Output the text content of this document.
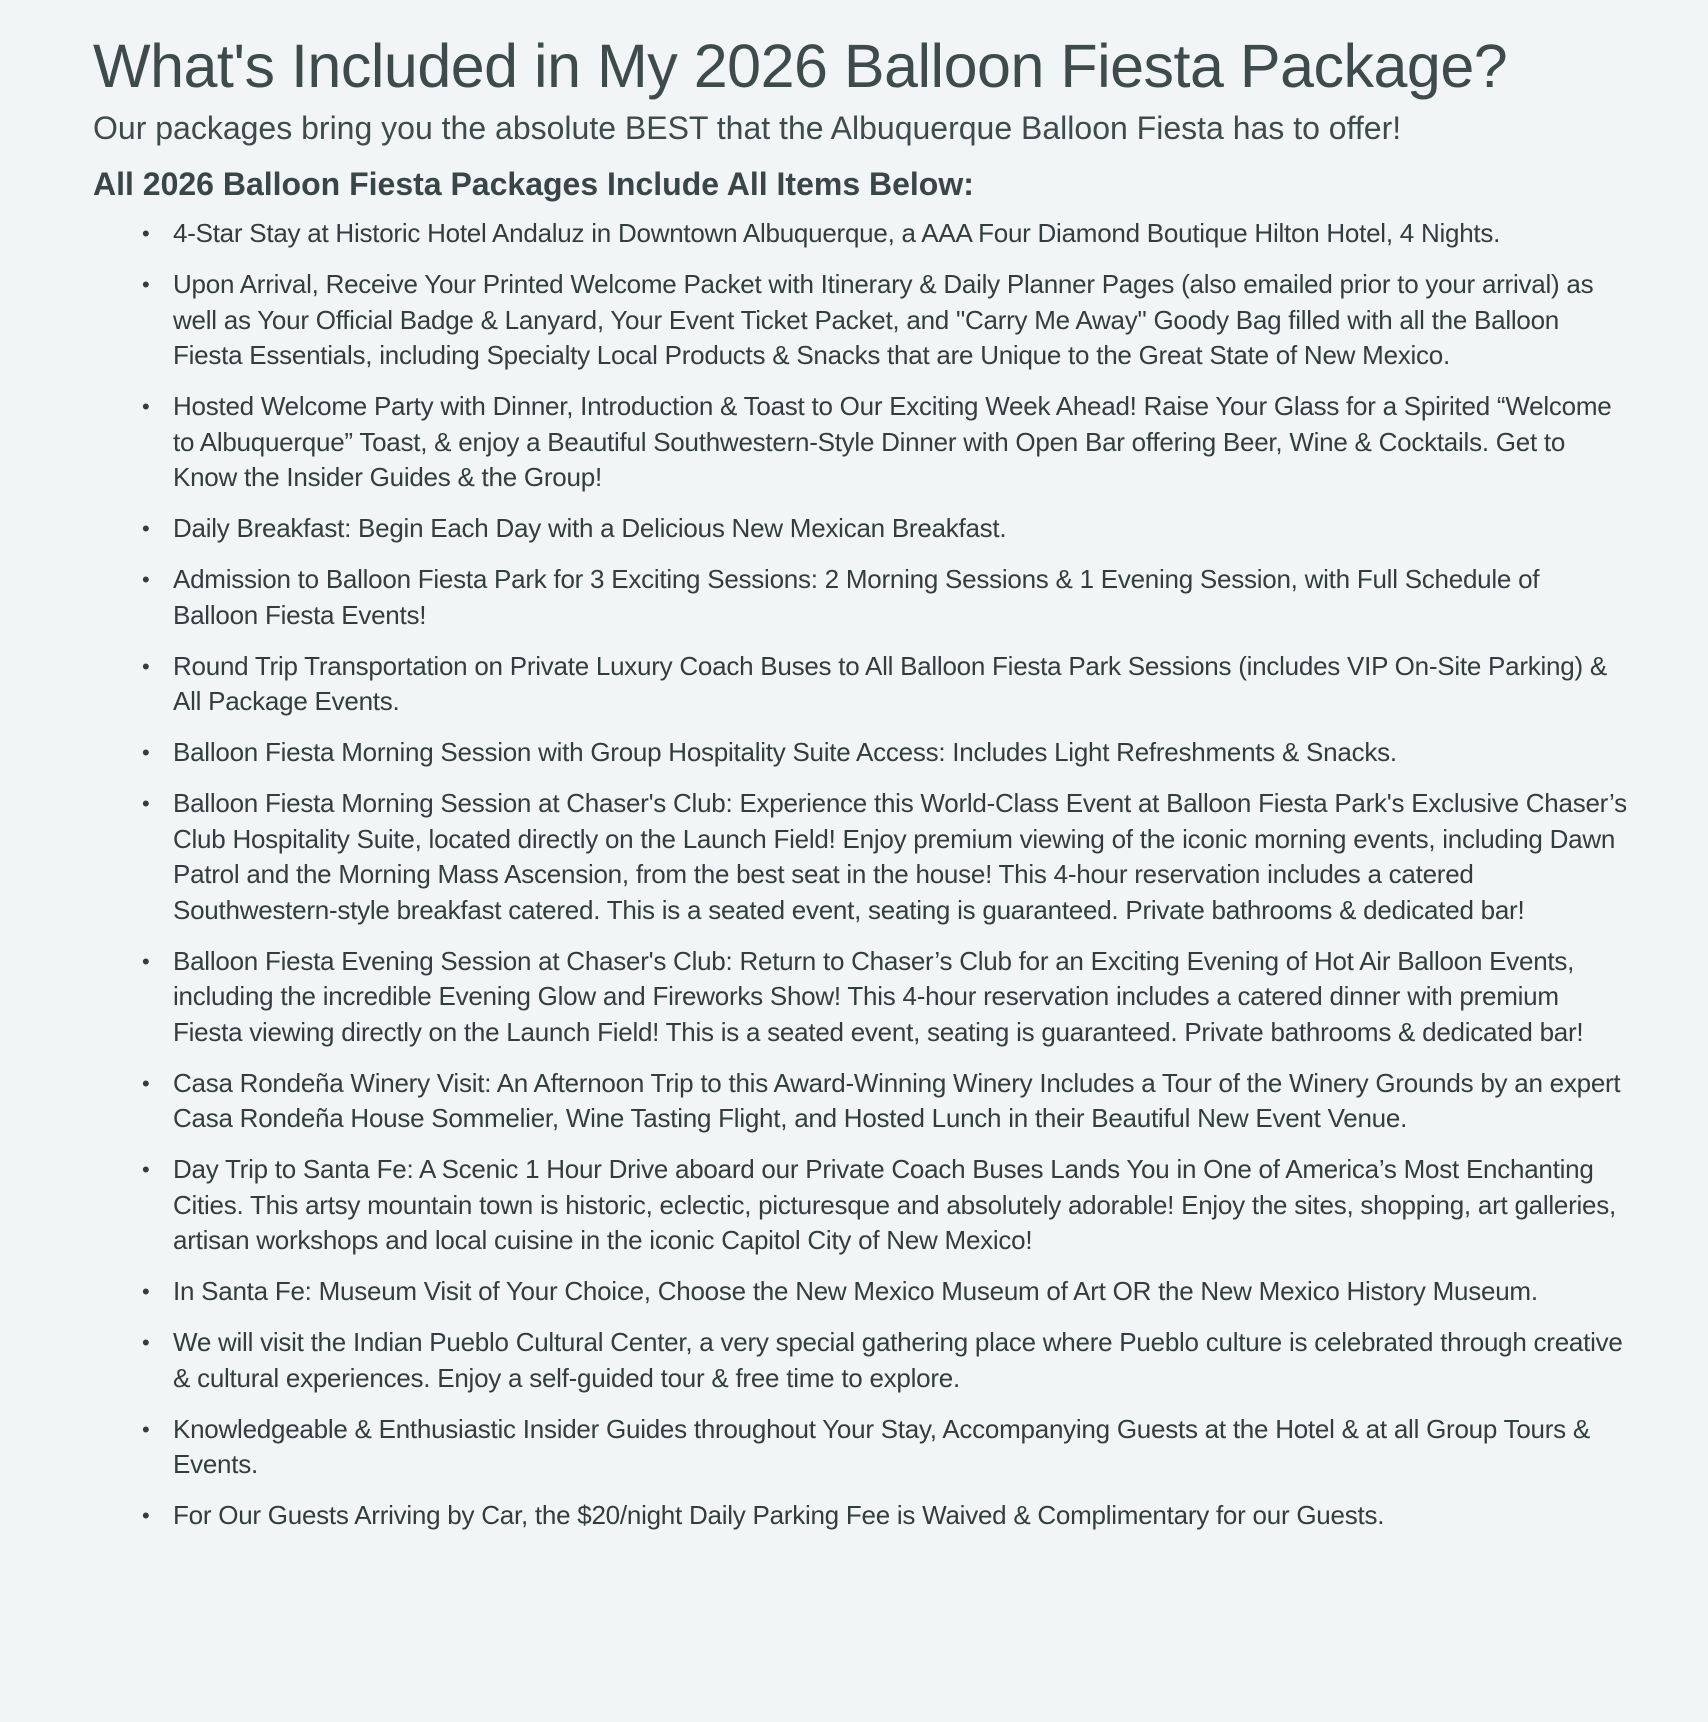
What's Included in My 2026 Balloon Fiesta Package?

Our packages bring you the absolute BEST that the Albuquerque Balloon Fiesta has to offer!

All 2026 Balloon Fiesta Packages Include All Items Below:
• 4-Star Stay at Historic Hotel Andaluz in Downtown Albuquerque, a AAA Four Diamond Boutique Hilton Hotel, 4 Nights.
• Upon Arrival, Receive Your Printed Welcome Packet with Itinerary & Daily Planner Pages (also emailed prior to your arrival) as well as Your Official Badge & Lanyard, Your Event Ticket Packet, and "Carry Me Away" Goody Bag filled with all the Balloon Fiesta Essentials, including Specialty Local Products & Snacks that are Unique to the Great State of New Mexico.
• Hosted Welcome Party with Dinner, Introduction & Toast to Our Exciting Week Ahead! Raise Your Glass for a Spirited “Welcome to Albuquerque” Toast, & enjoy a Beautiful Southwestern-Style Dinner with Open Bar offering Beer, Wine & Cocktails. Get to Know the Insider Guides & the Group!
• Daily Breakfast: Begin Each Day with a Delicious New Mexican Breakfast.
• Admission to Balloon Fiesta Park for 3 Exciting Sessions: 2 Morning Sessions & 1 Evening Session, with Full Schedule of Balloon Fiesta Events!
• Round Trip Transportation on Private Luxury Coach Buses to All Balloon Fiesta Park Sessions (includes VIP On-Site Parking) & All Package Events.
• Balloon Fiesta Morning Session with Group Hospitality Suite Access: Includes Light Refreshments & Snacks.
• Balloon Fiesta Morning Session at Chaser's Club: Experience this World-Class Event at Balloon Fiesta Park's Exclusive Chaser’s Club Hospitality Suite, located directly on the Launch Field! Enjoy premium viewing of the iconic morning events, including Dawn Patrol and the Morning Mass Ascension, from the best seat in the house! This 4-hour reservation includes a catered Southwestern-style breakfast catered. This is a seated event, seating is guaranteed. Private bathrooms & dedicated bar!
• Balloon Fiesta Evening Session at Chaser's Club: Return to Chaser’s Club for an Exciting Evening of Hot Air Balloon Events, including the incredible Evening Glow and Fireworks Show! This 4-hour reservation includes a catered dinner with premium Fiesta viewing directly on the Launch Field! This is a seated event, seating is guaranteed. Private bathrooms & dedicated bar!
• Casa Rondeña Winery Visit: An Afternoon Trip to this Award-Winning Winery Includes a Tour of the Winery Grounds by an expert Casa Rondeña House Sommelier, Wine Tasting Flight, and Hosted Lunch in their Beautiful New Event Venue.
• Day Trip to Santa Fe: A Scenic 1 Hour Drive aboard our Private Coach Buses Lands You in One of America’s Most Enchanting Cities. This artsy mountain town is historic, eclectic, picturesque and absolutely adorable! Enjoy the sites, shopping, art galleries, artisan workshops and local cuisine in the iconic Capitol City of New Mexico!
• In Santa Fe: Museum Visit of Your Choice, Choose the New Mexico Museum of Art OR the New Mexico History Museum.
• We will visit the Indian Pueblo Cultural Center, a very special gathering place where Pueblo culture is celebrated through creative & cultural experiences. Enjoy a self-guided tour & free time to explore.
• Knowledgeable & Enthusiastic Insider Guides throughout Your Stay, Accompanying Guests at the Hotel & at all Group Tours & Events.
• For Our Guests Arriving by Car, the $20/night Daily Parking Fee is Waived & Complimentary for our Guests.
